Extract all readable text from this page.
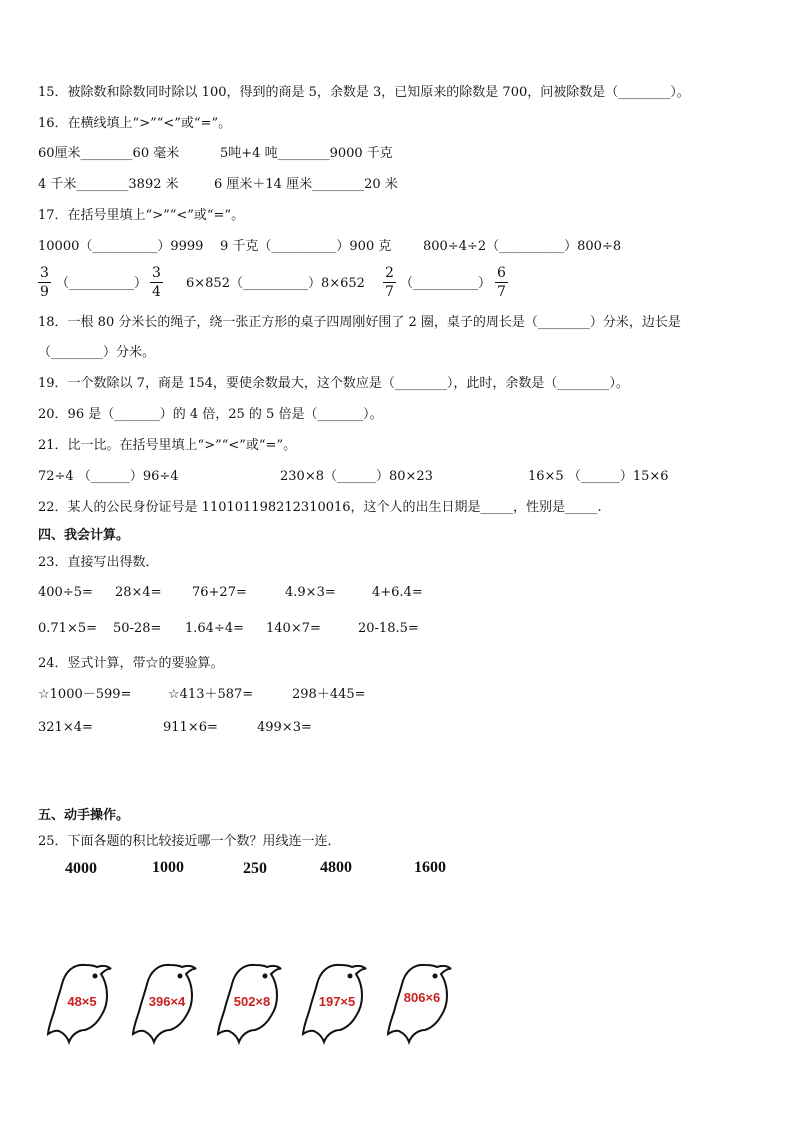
15．被除数和除数同时除以 100，得到的商是 5，余数是 3，已知原来的除数是 700，问被除数是（________）。
16．在横线填上“>”“<”或“=”。
60厘米________60 毫米	5吨+4 吨________9000 千克
4 千米________3892 米	6 厘米＋14 厘米________20 米
17．在括号里填上“>”“<”或“=”。
10000（__________）9999 9 千克（__________）900 克 800÷4÷2（__________）800÷8
3
9
（__________）
3
4
6×852（__________）8×652
2
7
（__________）
6
7
18．一根 80 分米长的绳子，绕一张正方形的桌子四周刚好围了 2 圈，桌子的周长是（________）分米，边长是
（________）分米。
19．一个数除以 7，商是 154，要使余数最大，这个数应是（________），此时，余数是（________）。
20．96 是（_______）的 4 倍，25 的 5 倍是（_______）。
21．比一比。在括号里填上“>”“<”或“=”。
72÷4 （______）96÷4	230×8（______）80×23	16×5 （______）15×6
22．某人的公民身份证号是 110101198212310016，这个人的出生日期是_____，性别是_____.
四、我会计算。
23．直接写出得数．
400÷5= 28×4= 76+27=	4.9×3=	4+6.4=
0.71×5= 50-28= 1.64÷4= 140×7=	20-18.5=
24．竖式计算，带☆的要验算。
☆1000－599=	☆413＋587=	298＋445=
321×4=	911×6=	499×3=
五、动手操作。
25．下面各题的积比较接近哪一个数？用线连一连．
4000	1000	250	4800	1600
48×5	396×4	502×8	197×5	806×6
